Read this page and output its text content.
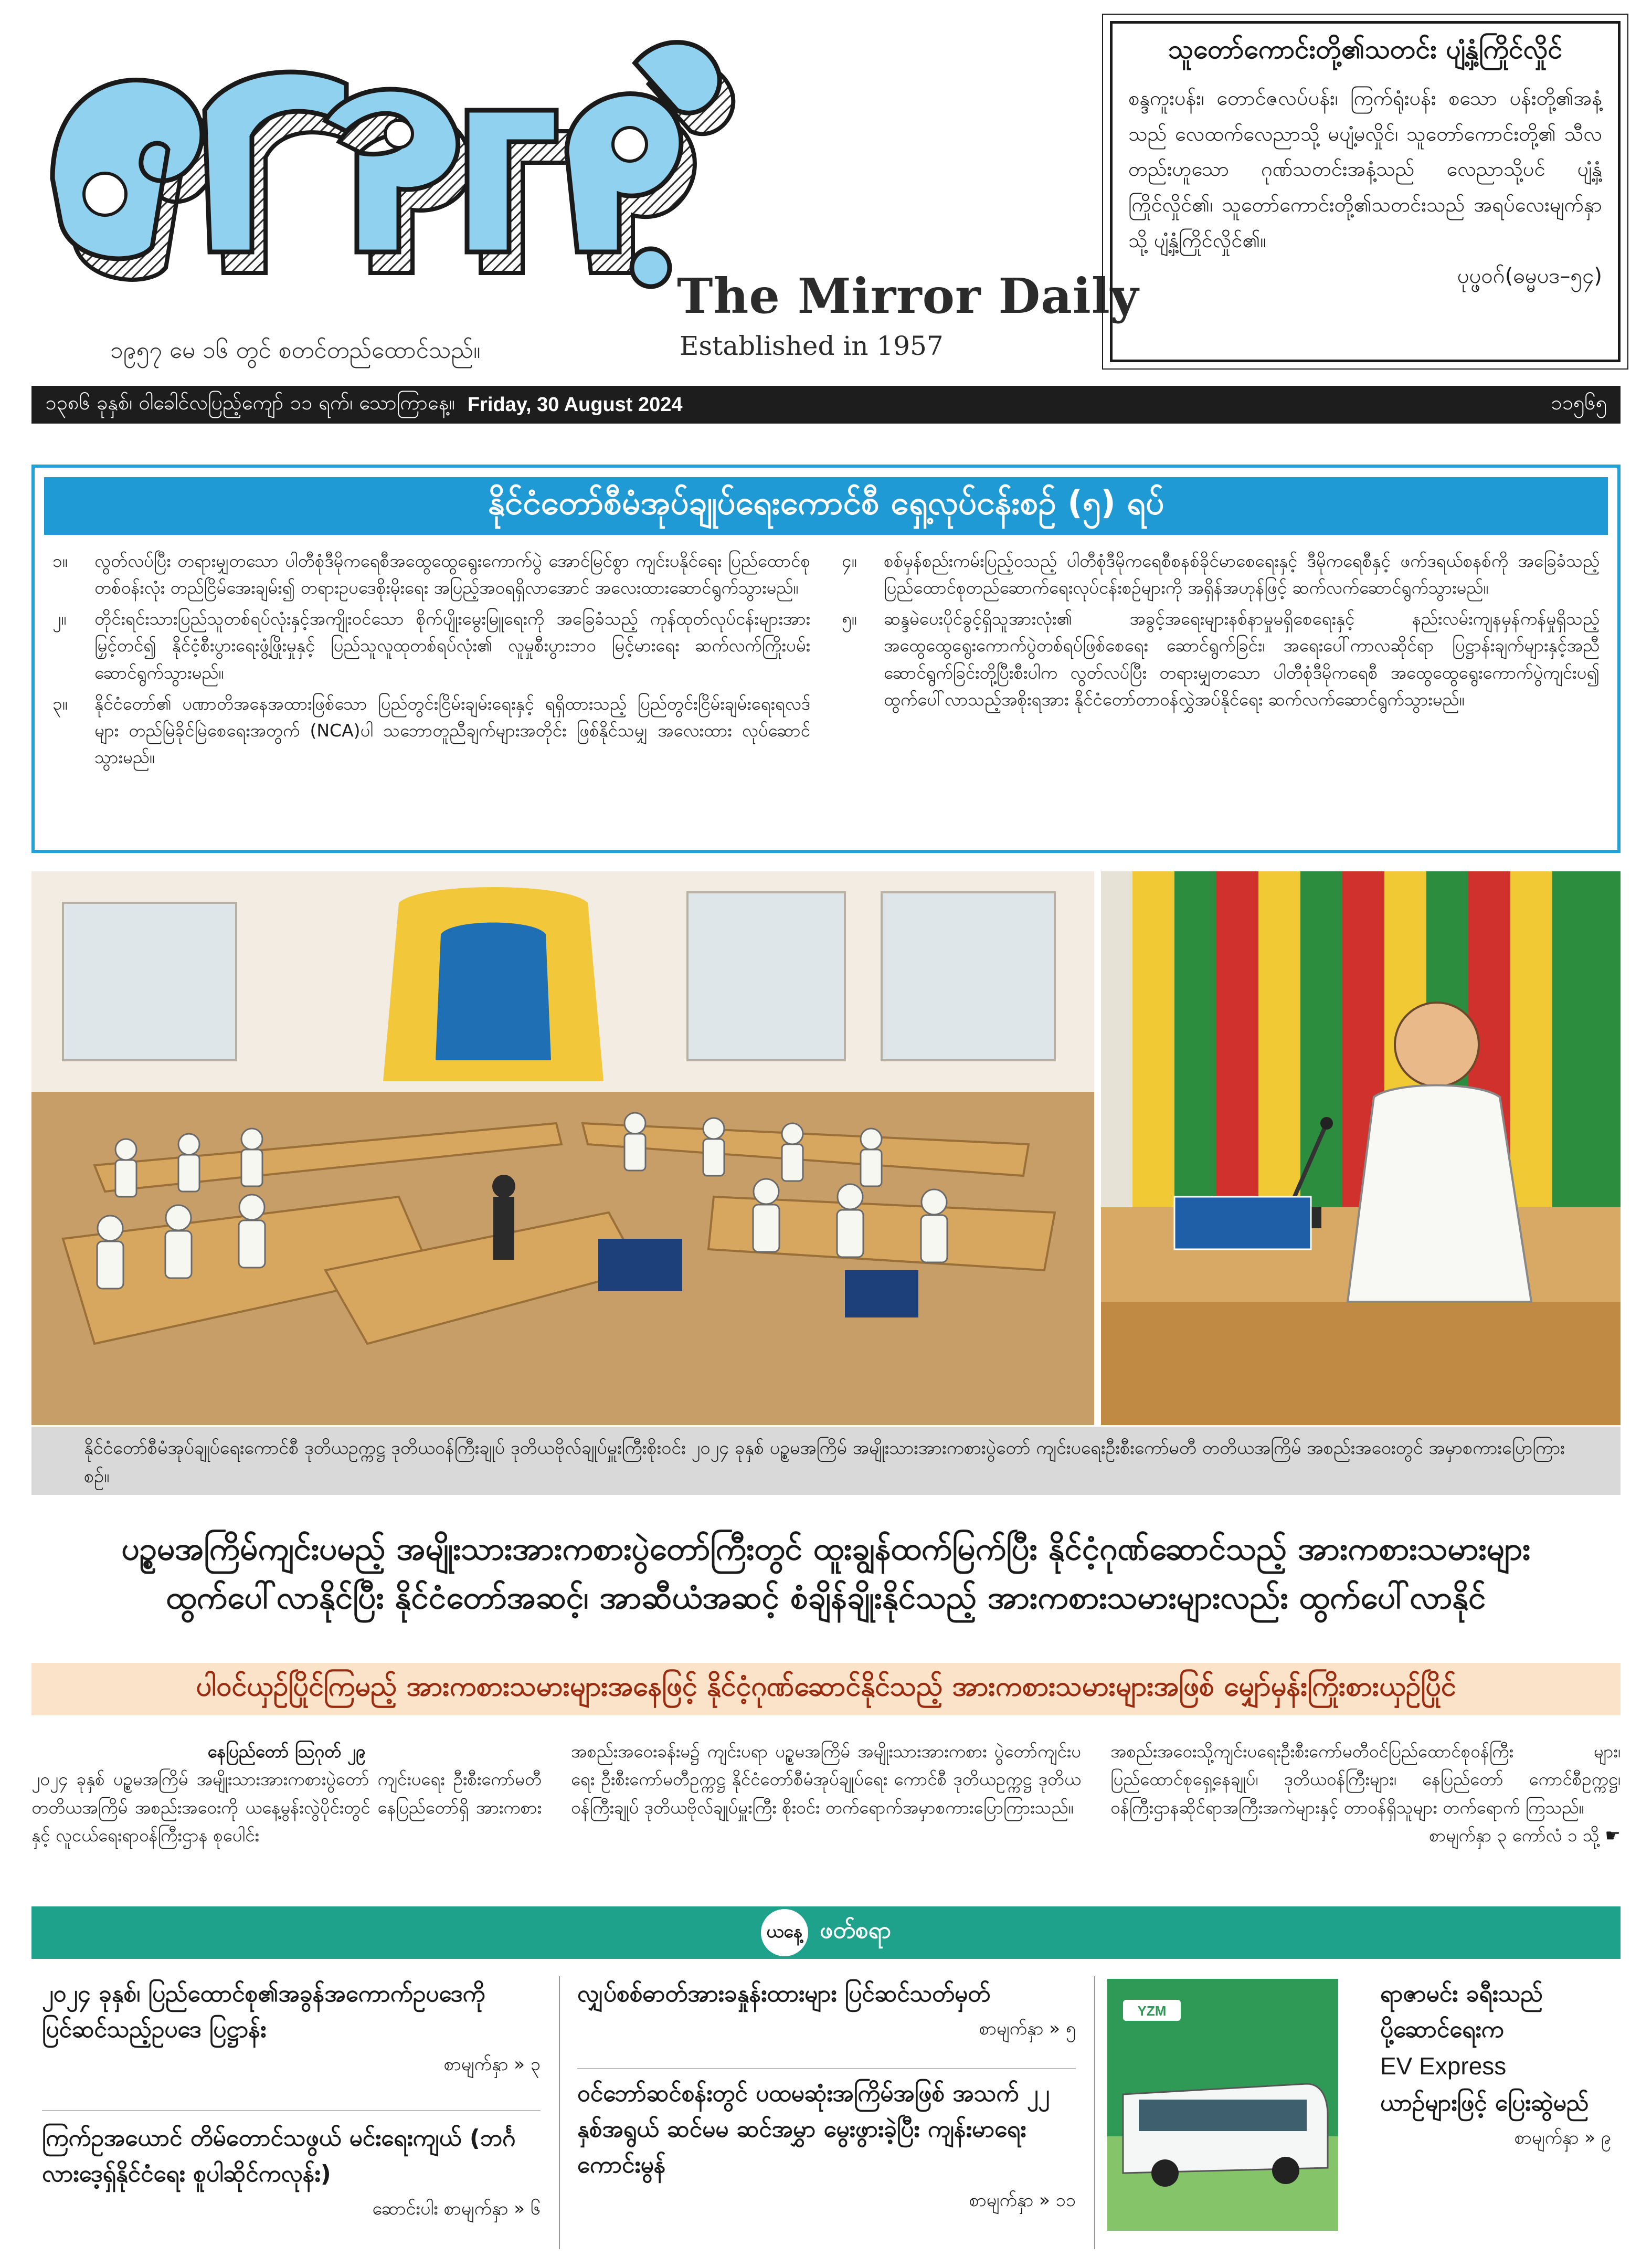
The Mirror Daily
Established in 1957
၁၉၅၇ မေ ၁၆ တွင် စတင်တည်ထောင်သည်။
သူတော်ကောင်းတို့၏သတင်း ပျံ့နှံ့ကြိုင်လှိုင်
စန္ဒကူးပန်း၊ တောင်ဇလပ်ပန်း၊ ကြက်ရုံးပန်း စသော ပန်းတို့၏အနံ့သည် လေထက်လေညာသို့ မပျံ့မလှိုင်၊ သူတော်ကောင်းတို့၏ သီလတည်းဟူသော ဂုဏ်သတင်းအနံ့သည် လေညာသို့ပင် ပျံ့နှံ့ကြိုင်လှိုင်၏၊ သူတော်ကောင်းတို့၏သတင်းသည် အရပ်လေးမျက်နှာသို့ ပျံ့နှံ့ကြိုင်လှိုင်၏။
ပုပ္ဖဝဂ်(ဓမ္မပဒ–၅၄)
၁၃၈၆ ခုနှစ်၊ ဝါခေါင်လပြည့်ကျော် ၁၁ ရက်၊ သောကြာနေ့။ Friday, 30 August 2024	၁၁၅၆၅
နိုင်ငံတော်စီမံအုပ်ချုပ်ရေးကောင်စီ ရှေ့လုပ်ငန်းစဉ် (၅) ရပ်
၁။	လွတ်လပ်ပြီး တရားမျှတသော ပါတီစုံဒီမိုကရေစီအထွေထွေရွေးကောက်ပွဲ အောင်မြင်စွာ ကျင်းပနိုင်ရေး ပြည်ထောင်စုတစ်ဝန်းလုံး တည်ငြိမ်အေးချမ်း၍ တရားဥပဒေစိုးမိုးရေး အပြည့်အဝရရှိလာအောင် အလေးထားဆောင်ရွက်သွားမည်။
၂။	တိုင်းရင်းသားပြည်သူတစ်ရပ်လုံးနှင့်အကျိုးဝင်သော စိုက်ပျိုးမွေးမြူရေးကို အခြေခံသည့် ကုန်ထုတ်လုပ်ငန်းများအား မြှင့်တင်၍ နိုင်ငံ့စီးပွားရေးဖွံ့ဖြိုးမှုနှင့် ပြည်သူလူထုတစ်ရပ်လုံး၏ လူမှုစီးပွားဘဝ မြင့်မားရေး ဆက်လက်ကြိုးပမ်းဆောင်ရွက်သွားမည်။
၃။	နိုင်ငံတော်၏ ပဏာတိအနေအထားဖြစ်သော ပြည်တွင်းငြိမ်းချမ်းရေးနှင့် ရရှိထားသည့် ပြည်တွင်းငြိမ်းချမ်းရေးရလဒ်များ တည်မြဲခိုင်မြဲစေရေးအတွက် (NCA)ပါ သဘောတူညီချက်များအတိုင်း ဖြစ်နိုင်သမျှ အလေးထား လုပ်ဆောင်သွားမည်။
၄။	စစ်မှန်စည်းကမ်းပြည့်ဝသည့် ပါတီစုံဒီမိုကရေစီစနစ်ခိုင်မာစေရေးနှင့် ဒီမိုကရေစီနှင့် ဖက်ဒရယ်စနစ်ကို အခြေခံသည့် ပြည်ထောင်စုတည်ဆောက်ရေးလုပ်ငန်းစဉ်များကို အရှိန်အဟုန်ဖြင့် ဆက်လက်ဆောင်ရွက်သွားမည်။
၅။	ဆန္ဒမဲပေးပိုင်ခွင့်ရှိသူအားလုံး၏ အခွင့်အရေးများနစ်နာမှုမရှိစေရေးနှင့် နည်းလမ်းကျနမှန်ကန်မှုရှိသည့် အထွေထွေရွေးကောက်ပွဲတစ်ရပ်ဖြစ်စေရေး ဆောင်ရွက်ခြင်း၊ အရေးပေါ်ကာလဆိုင်ရာ ပြဋ္ဌာန်းချက်များနှင့်အညီ ဆောင်ရွက်ခြင်းတို့ပြီးစီးပါက လွတ်လပ်ပြီး တရားမျှတသော ပါတီစုံဒီမိုကရေစီ အထွေထွေရွေးကောက်ပွဲကျင်းပ၍ ထွက်ပေါ်လာသည့်အစိုးရအား နိုင်ငံတော်တာဝန်လွှဲအပ်နိုင်ရေး ဆက်လက်ဆောင်ရွက်သွားမည်။
နိုင်ငံတော်စီမံအုပ်ချုပ်ရေးကောင်စီ ဒုတိယဥက္ကဋ္ဌ ဒုတိယဝန်ကြီးချုပ် ဒုတိယဗိုလ်ချုပ်မှူးကြီးစိုးဝင်း ၂၀၂၄ ခုနှစ် ပဉ္စမအကြိမ် အမျိုးသားအားကစားပွဲတော် ကျင်းပရေးဦးစီးကော်မတီ တတိယအကြိမ် အစည်းအဝေးတွင် အမှာစကားပြောကြားစဉ်။
ပဉ္စမအကြိမ်ကျင်းပမည့် အမျိုးသားအားကစားပွဲတော်ကြီးတွင် ထူးချွန်ထက်မြက်ပြီး နိုင်ငံ့ဂုဏ်ဆောင်သည့် အားကစားသမားများ
ထွက်ပေါ်လာနိုင်ပြီး နိုင်ငံတော်အဆင့်၊ အာဆီယံအဆင့် စံချိန်ချိုးနိုင်သည့် အားကစားသမားများလည်း ထွက်ပေါ်လာနိုင်
ပါဝင်ယှဉ်ပြိုင်ကြမည့် အားကစားသမားများအနေဖြင့် နိုင်ငံ့ဂုဏ်ဆောင်နိုင်သည့် အားကစားသမားများအဖြစ် မျှော်မှန်းကြိုးစားယှဉ်ပြိုင်
နေပြည်တော် ဩဂုတ် ၂၉
၂၀၂၄ ခုနှစ် ပဉ္စမအကြိမ် အမျိုးသားအားကစားပွဲတော် ကျင်းပရေး ဦးစီးကော်မတီ တတိယအကြိမ် အစည်းအဝေးကို ယနေ့မွန်းလွဲပိုင်းတွင် နေပြည်တော်ရှိ အားကစားနှင့် လူငယ်ရေးရာဝန်ကြီးဌာန စုပေါင်း
အစည်းအဝေးခန်းမ၌ ကျင်းပရာ ပဉ္စမအကြိမ် အမျိုးသားအားကစား ပွဲတော်ကျင်းပရေး ဦးစီးကော်မတီဥက္ကဋ္ဌ နိုင်ငံတော်စီမံအုပ်ချုပ်ရေး ကောင်စီ ဒုတိယဥက္ကဋ္ဌ ဒုတိယဝန်ကြီးချုပ် ဒုတိယဗိုလ်ချုပ်မှူးကြီး စိုးဝင်း တက်ရောက်အမှာစကားပြောကြားသည်။
အစည်းအဝေးသို့ကျင်းပရေးဦးစီးကော်မတီဝင်ပြည်ထောင်စုဝန်ကြီး များ၊ ပြည်ထောင်စုရှေ့နေချုပ်၊ ဒုတိယဝန်ကြီးများ၊ နေပြည်တော် ကောင်စီဥက္ကဋ္ဌ၊ ဝန်ကြီးဌာနဆိုင်ရာအကြီးအကဲများနှင့် တာဝန်ရှိသူများ တက်ရောက် ကြသည်။
စာမျက်နှာ ၃ ကော်လံ ၁ သို့ ☛
ယနေ့ ဖတ်စရာ
၂၀၂၄ ခုနှစ်၊ ပြည်ထောင်စု၏အခွန်အကောက်ဥပဒေကို ပြင်ဆင်သည့်ဥပဒေ ပြဋ္ဌာန်း
စာမျက်နှာ » ၃
ကြက်ဥအယောင် တိမ်တောင်သဖွယ် မင်းရေးကျယ် (ဘင်္ဂလားဒေ့ရှ်နိုင်ငံရေး စူပါဆိုင်ကလုန်း)
ဆောင်းပါး စာမျက်နှာ » ၆
လျှပ်စစ်ဓာတ်အားခနှုန်းထားများ ပြင်ဆင်သတ်မှတ်
စာမျက်နှာ » ၅
ဝင်ဘော်ဆင်စန်းတွင် ပထမဆုံးအကြိမ်အဖြစ် အသက် ၂၂ နှစ်အရွယ် ဆင်မမ ဆင်အမွှာ မွေးဖွားခဲ့ပြီး ကျန်းမာရေး ကောင်းမွန်
စာမျက်နှာ » ၁၁
YZM
ရာဇာမင်း ခရီးသည်ပို့ဆောင်ရေးက
EV Express
ယာဉ်များဖြင့် ပြေးဆွဲမည်
စာမျက်နှာ » ၉
